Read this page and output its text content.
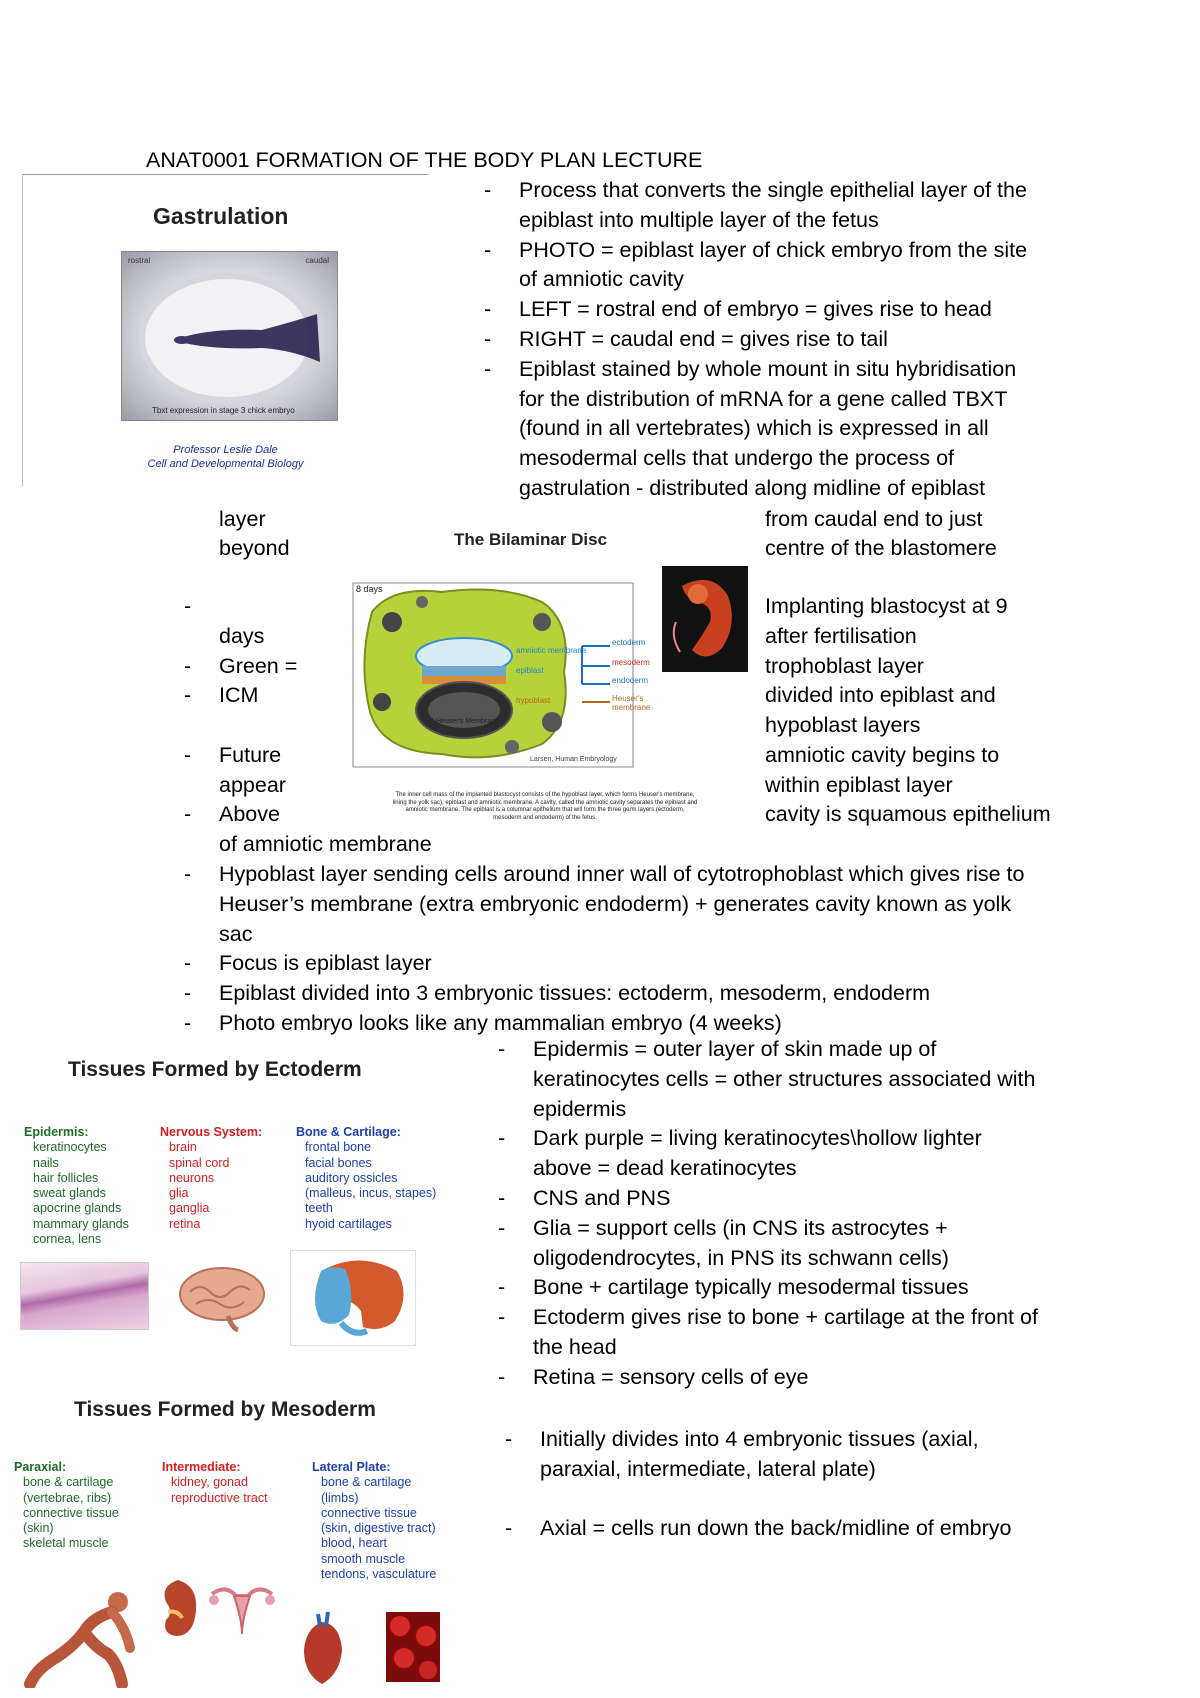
ANAT0001 FORMATION OF THE BODY PLAN LECTURE
Gastrulation
rostral	caudal
Tbxt expression in stage 3 chick embryo
Professor Leslie Dale
Cell and Developmental Biology
- Process that converts the single epithelial layer of the
epiblast into multiple layer of the fetus
- PHOTO = epiblast layer of chick embryo from the site
of amniotic cavity
- LEFT = rostral end of embryo = gives rise to head
- RIGHT = caudal end = gives rise to tail
- Epiblast stained by whole mount in situ hybridisation
for the distribution of mRNA for a gene called TBXT
(found in all vertebrates) which is expressed in all
mesodermal cells that undergo the process of
gastrulation - distributed along midline of epiblast
layer
beyond
from caudal end to just
centre of the blastomere
-
days
- Green =
- ICM
- Future
appear
- Above
Implanting blastocyst at 9
after fertilisation
trophoblast layer
divided into epiblast and
hypoblast layers
amniotic cavity begins to
within epiblast layer
cavity is squamous epithelium
of amniotic membrane
The Bilaminar Disc
8 days
amniotic membrane
epiblast
hypoblast
Heuser's Membrane
ectoderm
mesoderm
endoderm
Heuser's membrane
Larsen, Human Embryology
The inner cell mass of the implanted blastocyst consists of the hypoblast layer, which forms Heuser's membrane,
lining the yolk sac), epiblast and amniotic membrane. A cavity, called the amniotic cavity separates the epiblast and
amniotic membrane. The epiblast is a columnar epithelium that will form the three germ layers (ectoderm,
mesoderm and endoderm) of the fetus.
- Hypoblast layer sending cells around inner wall of cytotrophoblast which gives rise to
Heuser’s membrane (extra embryonic endoderm) + generates cavity known as yolk
sac
- Focus is epiblast layer
- Epiblast divided into 3 embryonic tissues: ectoderm, mesoderm, endoderm
- Photo embryo looks like any mammalian embryo (4 weeks)
Tissues Formed by Ectoderm
Epidermis:
keratinocytes
nails
hair follicles
sweat glands
apocrine glands
mammary glands
cornea, lens
Nervous System:
brain
spinal cord
neurons
glia
ganglia
retina
Bone & Cartilage:
frontal bone
facial bones
auditory ossicles
(malleus, incus, stapes)
teeth
hyoid cartilages
- Epidermis = outer layer of skin made up of
keratinocytes cells = other structures associated with
epidermis
- Dark purple = living keratinocytes\hollow lighter
above = dead keratinocytes
- CNS and PNS
- Glia = support cells (in CNS its astrocytes +
oligodendrocytes, in PNS its schwann cells)
- Bone + cartilage typically mesodermal tissues
- Ectoderm gives rise to bone + cartilage at the front of
the head
- Retina = sensory cells of eye
Tissues Formed by Mesoderm
Paraxial:
bone & cartilage
(vertebrae, ribs)
connective tissue
(skin)
skeletal muscle
Intermediate:
kidney, gonad
reproductive tract
Lateral Plate:
bone & cartilage
(limbs)
connective tissue
(skin, digestive tract)
blood, heart
smooth muscle
tendons, vasculature
- Initially divides into 4 embryonic tissues (axial,
paraxial, intermediate, lateral plate)
- Axial = cells run down the back/midline of embryo
